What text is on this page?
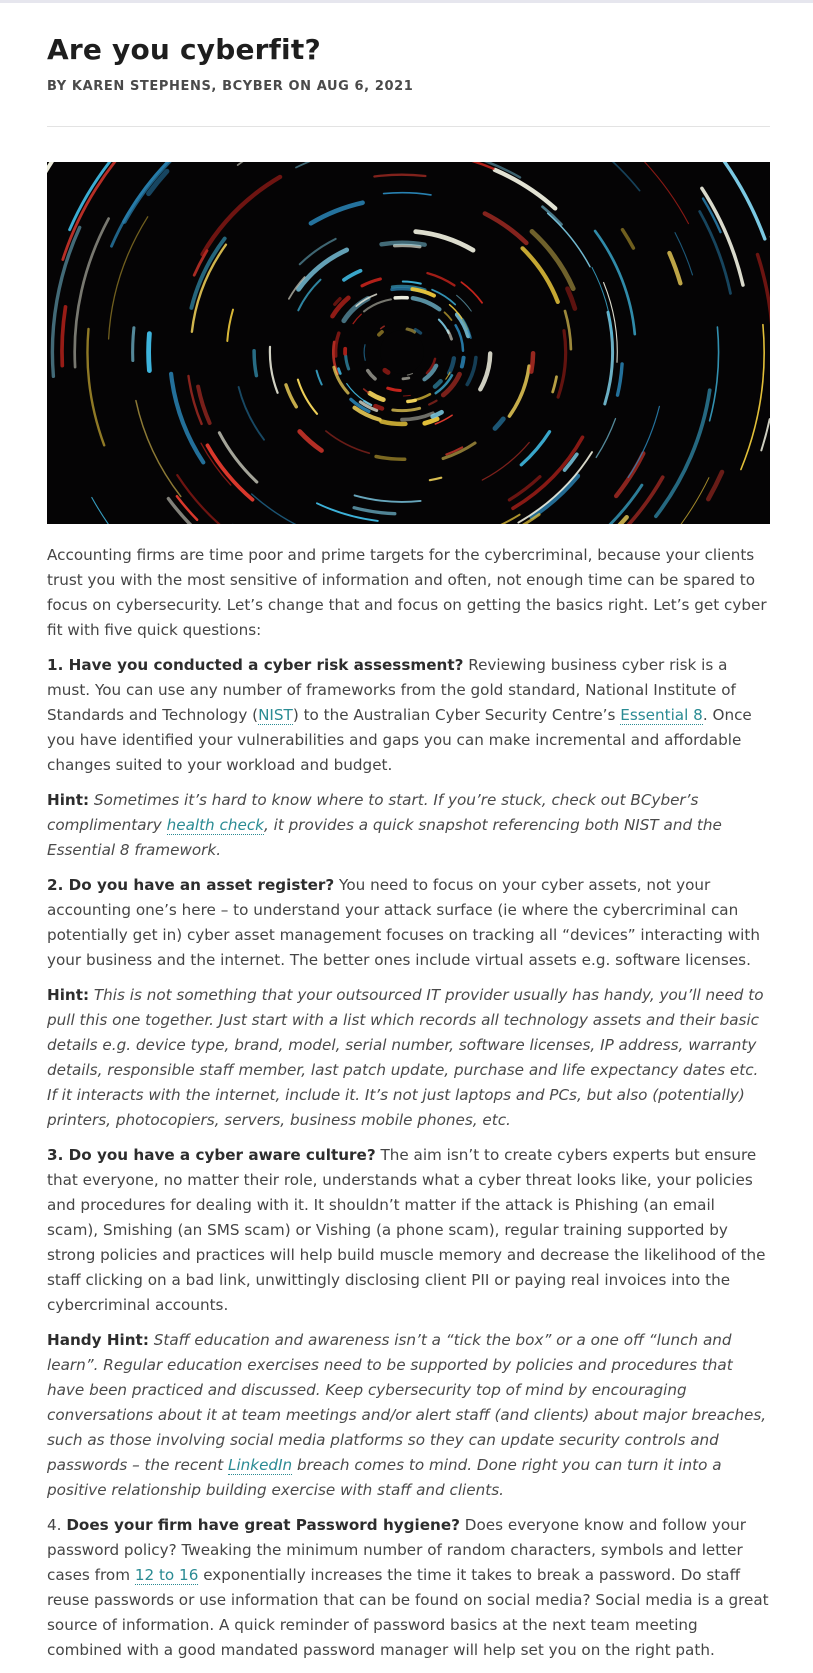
Are you cyberfit?
BY KAREN STEPHENS, BCYBER ON AUG 6, 2021

Accounting firms are time poor and prime targets for the cybercriminal, because your clients trust you with the most sensitive of information and often, not enough time can be spared to focus on cybersecurity. Let’s change that and focus on getting the basics right. Let’s get cyber fit with five quick questions:

1. Have you conducted a cyber risk assessment? Reviewing business cyber risk is a must. You can use any number of frameworks from the gold standard, National Institute of Standards and Technology (NIST) to the Australian Cyber Security Centre’s Essential 8. Once you have identified your vulnerabilities and gaps you can make incremental and affordable changes suited to your workload and budget.

Hint: Sometimes it’s hard to know where to start. If you’re stuck, check out BCyber’s complimentary health check, it provides a quick snapshot referencing both NIST and the Essential 8 framework.

2. Do you have an asset register? You need to focus on your cyber assets, not your accounting one’s here – to understand your attack surface (ie where the cybercriminal can potentially get in) cyber asset management focuses on tracking all “devices” interacting with your business and the internet. The better ones include virtual assets e.g. software licenses.

Hint: This is not something that your outsourced IT provider usually has handy, you’ll need to pull this one together. Just start with a list which records all technology assets and their basic details e.g. device type, brand, model, serial number, software licenses, IP address, warranty details, responsible staff member, last patch update, purchase and life expectancy dates etc. If it interacts with the internet, include it. It’s not just laptops and PCs, but also (potentially) printers, photocopiers, servers, business mobile phones, etc.

3. Do you have a cyber aware culture? The aim isn’t to create cybers experts but ensure that everyone, no matter their role, understands what a cyber threat looks like, your policies and procedures for dealing with it. It shouldn’t matter if the attack is Phishing (an email scam), Smishing (an SMS scam) or Vishing (a phone scam), regular training supported by strong policies and practices will help build muscle memory and decrease the likelihood of the staff clicking on a bad link, unwittingly disclosing client PII or paying real invoices into the cybercriminal accounts.

Handy Hint: Staff education and awareness isn’t a “tick the box” or a one off “lunch and learn”. Regular education exercises need to be supported by policies and procedures that have been practiced and discussed. Keep cybersecurity top of mind by encouraging conversations about it at team meetings and/or alert staff (and clients) about major breaches, such as those involving social media platforms so they can update security controls and passwords – the recent LinkedIn breach comes to mind. Done right you can turn it into a positive relationship building exercise with staff and clients.

4. Does your firm have great Password hygiene? Does everyone know and follow your password policy? Tweaking the minimum number of random characters, symbols and letter cases from 12 to 16 exponentially increases the time it takes to break a password. Do staff reuse passwords or use information that can be found on social media? Social media is a great source of information. A quick reminder of password basics at the next team meeting combined with a good mandated password manager will help set you on the right path.
